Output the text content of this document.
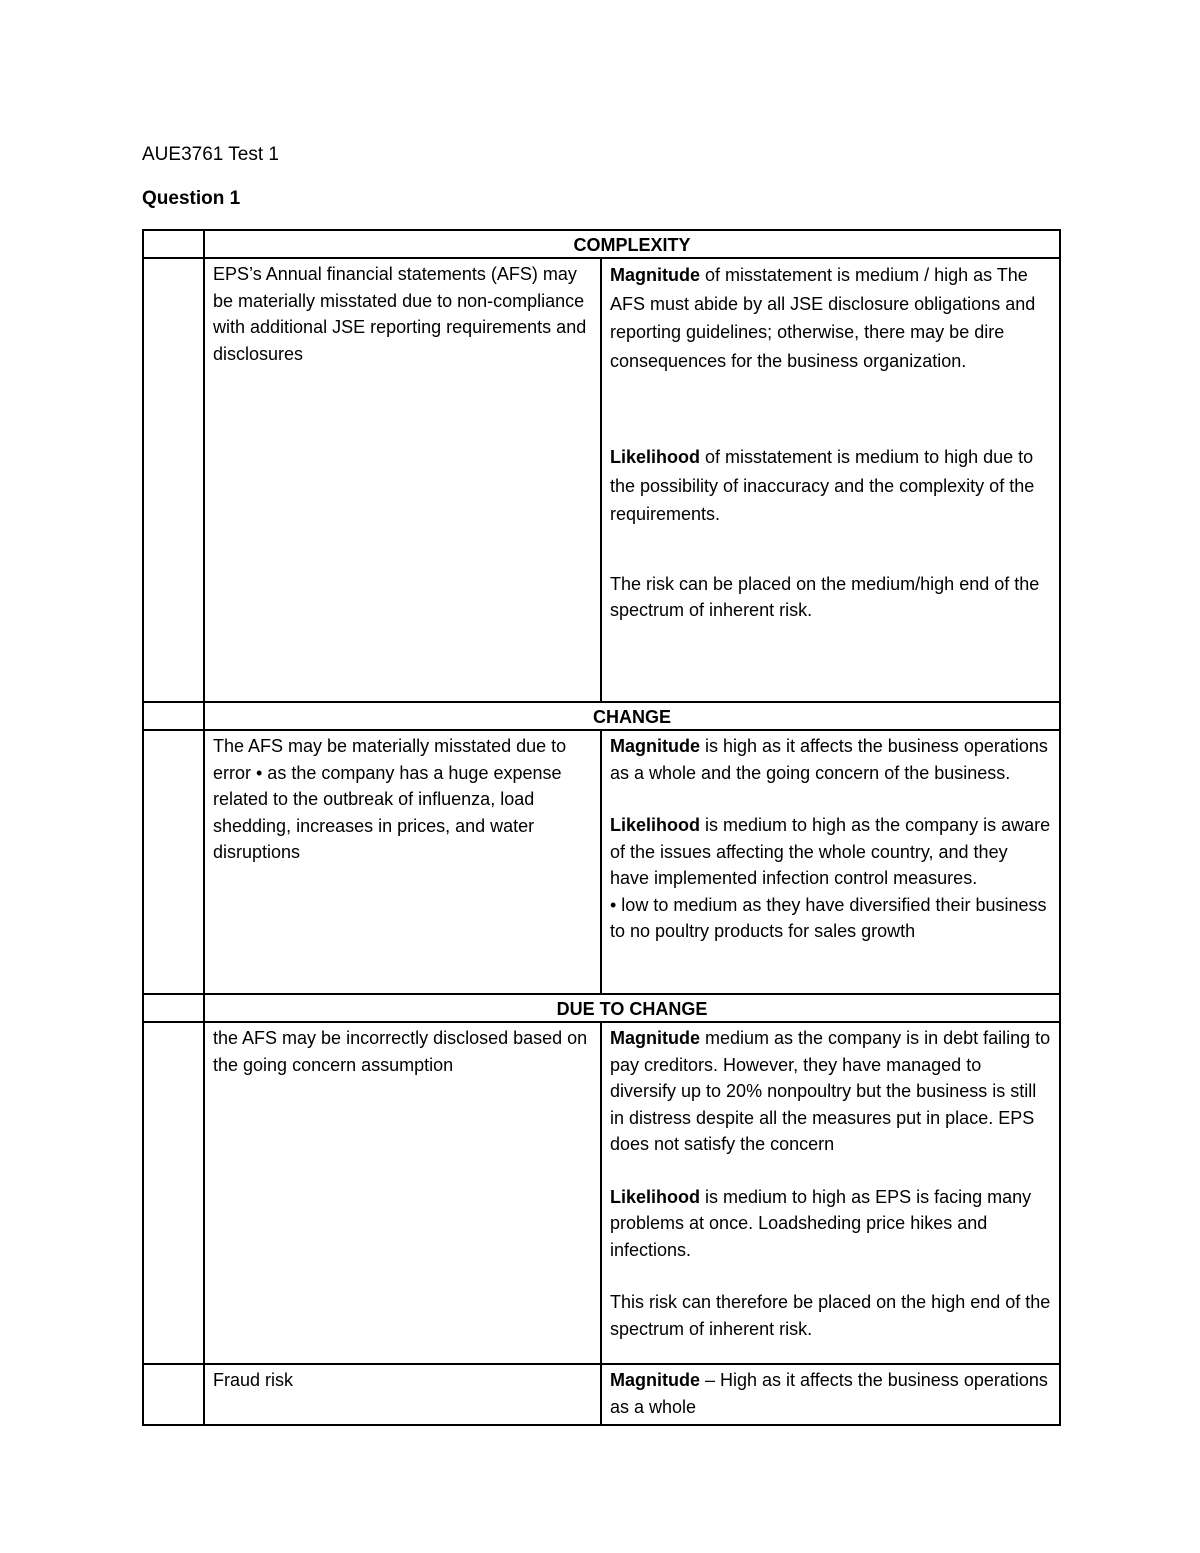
AUE3761 Test 1
Question 1
	COMPLEXITY	

	EPS’s Annual financial statements (AFS) may be materially misstated due to non-compliance with additional JSE reporting requirements and disclosures	Magnitude of misstatement is medium / high as The AFS must abide by all JSE disclosure obligations and reporting guidelines; otherwise, there may be dire consequences for the business organization.
Likelihood of misstatement is medium to high due to the possibility of inaccuracy and the complexity of the requirements.
The risk can be placed on the medium/high end of the spectrum of inherent risk.

	CHANGE	

	The AFS may be materially misstated due to error • as the company has a huge expense related to the outbreak of influenza, load shedding, increases in prices, and water disruptions	Magnitude is high as it affects the business operations as a whole and the going concern of the business.
Likelihood is medium to high as the company is aware of the issues affecting the whole country, and they have implemented infection control measures.
• low to medium as they have diversified their business to no poultry products for sales growth

	DUE TO CHANGE	

	the AFS may be incorrectly disclosed based on the going concern assumption	Magnitude medium as the company is in debt failing to pay creditors. However, they have managed to diversify up to 20% nonpoultry but the business is still in distress despite all the measures put in place. EPS does not satisfy the concern
Likelihood is medium to high as EPS is facing many problems at once. Loadsheding price hikes and infections.
This risk can therefore be placed on the high end of the spectrum of inherent risk.

	Fraud risk	Magnitude – High as it affects the business operations as a whole
